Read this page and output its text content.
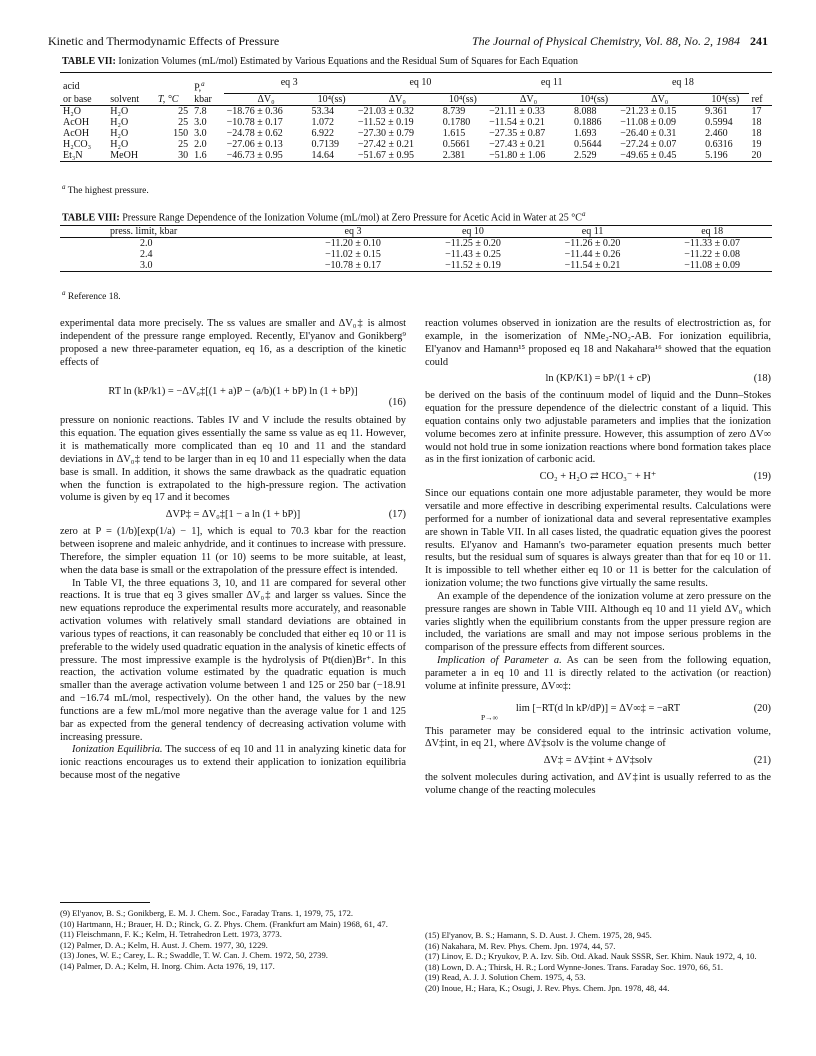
Kinetic and Thermodynamic Effects of Pressure	The Journal of Physical Chemistry, Vol. 88, No. 2, 1984 241
TABLE VII: Ionization Volumes (mL/mol) Estimated by Various Equations and the Residual Sum of Squares for Each Equation
acid			P,$^a$	eq 3		eq 10		eq 11		eq 18		
or base	solvent	T, °C	kbar	ΔV₀	10⁴(ss)	ΔV₀	10⁴(ss)	ΔV₀	10⁴(ss)	ΔV₀	10⁴(ss)	ref
H₂O	H₂O	25	7.8	−18.76 ± 0.36	53.34	−21.03 ± 0.32	8.739	−21.11 ± 0.33	8.088	−21.23 ± 0.15	9.361	17
AcOH	H₂O	25	3.0	−10.78 ± 0.17	1.072	−11.52 ± 0.19	0.1780	−11.54 ± 0.21	0.1886	−11.08 ± 0.09	0.5994	18
AcOH	H₂O	150	3.0	−24.78 ± 0.62	6.922	−27.30 ± 0.79	1.615	−27.35 ± 0.87	1.693	−26.40 ± 0.31	2.460	18
H₂CO₃	H₂O	25	2.0	−27.06 ± 0.13	0.7139	−27.42 ± 0.21	0.5661	−27.43 ± 0.21	0.5644	−27.24 ± 0.07	0.6316	19
Et₃N	MeOH	30	1.6	−46.73 ± 0.95	14.64	−51.67 ± 0.95	2.381	−51.80 ± 1.06	2.529	−49.65 ± 0.45	5.196	20
$^a$ The highest pressure.
TABLE VIII: Pressure Range Dependence of the Ionization Volume (mL/mol) at Zero Pressure for Acetic Acid in Water at 25 $^\circ C^a$
press. limit, kbar	eq 3	eq 10	eq 11	eq 18
2.0	−11.20 ± 0.10	−11.25 ± 0.20	−11.26 ± 0.20	−11.33 ± 0.07
2.4	−11.02 ± 0.15	−11.43 ± 0.25	−11.44 ± 0.26	−11.22 ± 0.08
3.0	−10.78 ± 0.17	−11.52 ± 0.19	−11.54 ± 0.21	−11.08 ± 0.09
$^a$ Reference 18.

experimental data more precisely. The ss values are smaller and ΔV₀‡ is almost independent of the pressure range employed. Recently, El'yanov and Gonikberg⁹ proposed a new three-parameter equation, eq 16, as a description of the kinetic effects of

RT ln (kP/k1) = −ΔV₀‡[(1 + a)P − (a/b)(1 + bP) ln (1 + bP)]
(16)

pressure on nonionic reactions. Tables IV and V include the results obtained by this equation. The equation gives essentially the same ss value as eq 11. However, it is mathematically more complicated than eq 10 and 11 and the standard deviations in ΔV₀‡ tend to be larger than in eq 10 and 11 especially when the data base is small. In addition, it shows the same drawback as the quadratic equation when the function is extrapolated to the high-pressure region. The activation volume is given by eq 17 and it becomes

ΔVP‡ = ΔV₀‡[1 − a ln (1 + bP)]	(17)

zero at P = (1/b)[exp(1/a) − 1], which is equal to 70.3 kbar for the reaction between isoprene and maleic anhydride, and it continues to increase with pressure. Therefore, the simpler equation 11 (or 10) seems to be more suitable, at least, when the data base is small or the extrapolation of the pressure effect is intended.

In Table VI, the three equations 3, 10, and 11 are compared for several other reactions. It is true that eq 3 gives smaller ΔV₀‡ and larger ss values. Since the new equations reproduce the experimental results more accurately, and reasonable activation volumes with relatively small standard deviations are obtained in various types of reactions, it can reasonably be concluded that either eq 10 or 11 is preferable to the widely used quadratic equation in the analysis of kinetic effects of pressure. The most impressive example is the hydrolysis of Pt(dien)Br⁺. In this reaction, the activation volume estimated by the quadratic equation is much smaller than the average activation volume between 1 and 125 or 250 bar (−18.91 and −16.74 mL/mol, respectively). On the other hand, the values by the new functions are a few mL/mol more negative than the average value for 1 and 125 bar as expected from the general tendency of decreasing activation volume with increasing pressure.

Ionization Equilibria. The success of eq 10 and 11 in analyzing kinetic data for ionic reactions encourages us to extend their application to ionization equilibria because most of the negative

reaction volumes observed in ionization are the results of electrostriction as, for example, in the isomerization of NMe₂-NO₂-AB. For ionization equilibria, El'yanov and Hamann¹⁵ proposed eq 18 and Nakahara¹⁶ showed that the equation could

ln (KP/K1) = bP/(1 + cP)	(18)

be derived on the basis of the continuum model of liquid and the Dunn–Stokes equation for the pressure dependence of the dielectric constant of a liquid. This equation contains only two adjustable parameters and implies that the ionization volume becomes zero at infinite pressure. However, this assumption of zero ΔV∞ would not hold true in some ionization reactions where bond formation takes place as in the first ionization of carbonic acid.

CO₂ + H₂O ⇄ HCO₃⁻ + H⁺	(19)

Since our equations contain one more adjustable parameter, they would be more versatile and more effective in describing experimental results. Calculations were performed for a number of ionizational data and several representative examples are shown in Table VII. In all cases listed, the quadratic equation gives the poorest results. El'yanov and Hamann's two-parameter equation presents much better results, but the residual sum of squares is always greater than that for eq 10 or 11. It is impossible to tell whether either eq 10 or 11 is better for the calculation of ionization volume; the two functions give virtually the same results.

An example of the dependence of the ionization volume at zero pressure on the pressure ranges are shown in Table VIII. Although eq 10 and 11 yield ΔV₀ which varies slightly when the equilibrium constants from the upper pressure region are included, the variations are small and may not impose serious problems in the comparison of the pressure effects from different sources.

Implication of Parameter a. As can be seen from the following equation, parameter a in eq 10 and 11 is directly related to the activation (or reaction) volume at infinite pressure, ΔV∞‡:

lim [−RT(d ln kP/dP)] = ΔV∞‡ = −aRT
P→∞
(20)

This parameter may be considered equal to the intrinsic activation volume, ΔV‡int, in eq 21, where ΔV‡solv is the volume change of

ΔV‡ = ΔV‡int + ΔV‡solv	(21)

the solvent molecules during activation, and ΔV‡int is usually referred to as the volume change of the reacting molecules

(9) El'yanov, B. S.; Gonikberg, E. M. J. Chem. Soc., Faraday Trans. 1, 1979, 75, 172.

(10) Hartmann, H.; Brauer, H. D.; Rinck, G. Z. Phys. Chem. (Frankfurt am Main) 1968, 61, 47.

(11) Fleischmann, F. K.; Kelm, H. Tetrahedron Lett. 1973, 3773.

(12) Palmer, D. A.; Kelm, H. Aust. J. Chem. 1977, 30, 1229.

(13) Jones, W. E.; Carey, L. R.; Swaddle, T. W. Can. J. Chem. 1972, 50, 2739.

(14) Palmer, D. A.; Kelm, H. Inorg. Chim. Acta 1976, 19, 117.

(15) El'yanov, B. S.; Hamann, S. D. Aust. J. Chem. 1975, 28, 945.

(16) Nakahara, M. Rev. Phys. Chem. Jpn. 1974, 44, 57.

(17) Linov, E. D.; Kryukov, P. A. Izv. Sib. Otd. Akad. Nauk SSSR, Ser. Khim. Nauk 1972, 4, 10.

(18) Lown, D. A.; Thirsk, H. R.; Lord Wynne-Jones. Trans. Faraday Soc. 1970, 66, 51.

(19) Read, A. J. J. Solution Chem. 1975, 4, 53.

(20) Inoue, H.; Hara, K.; Osugi, J. Rev. Phys. Chem. Jpn. 1978, 48, 44.
